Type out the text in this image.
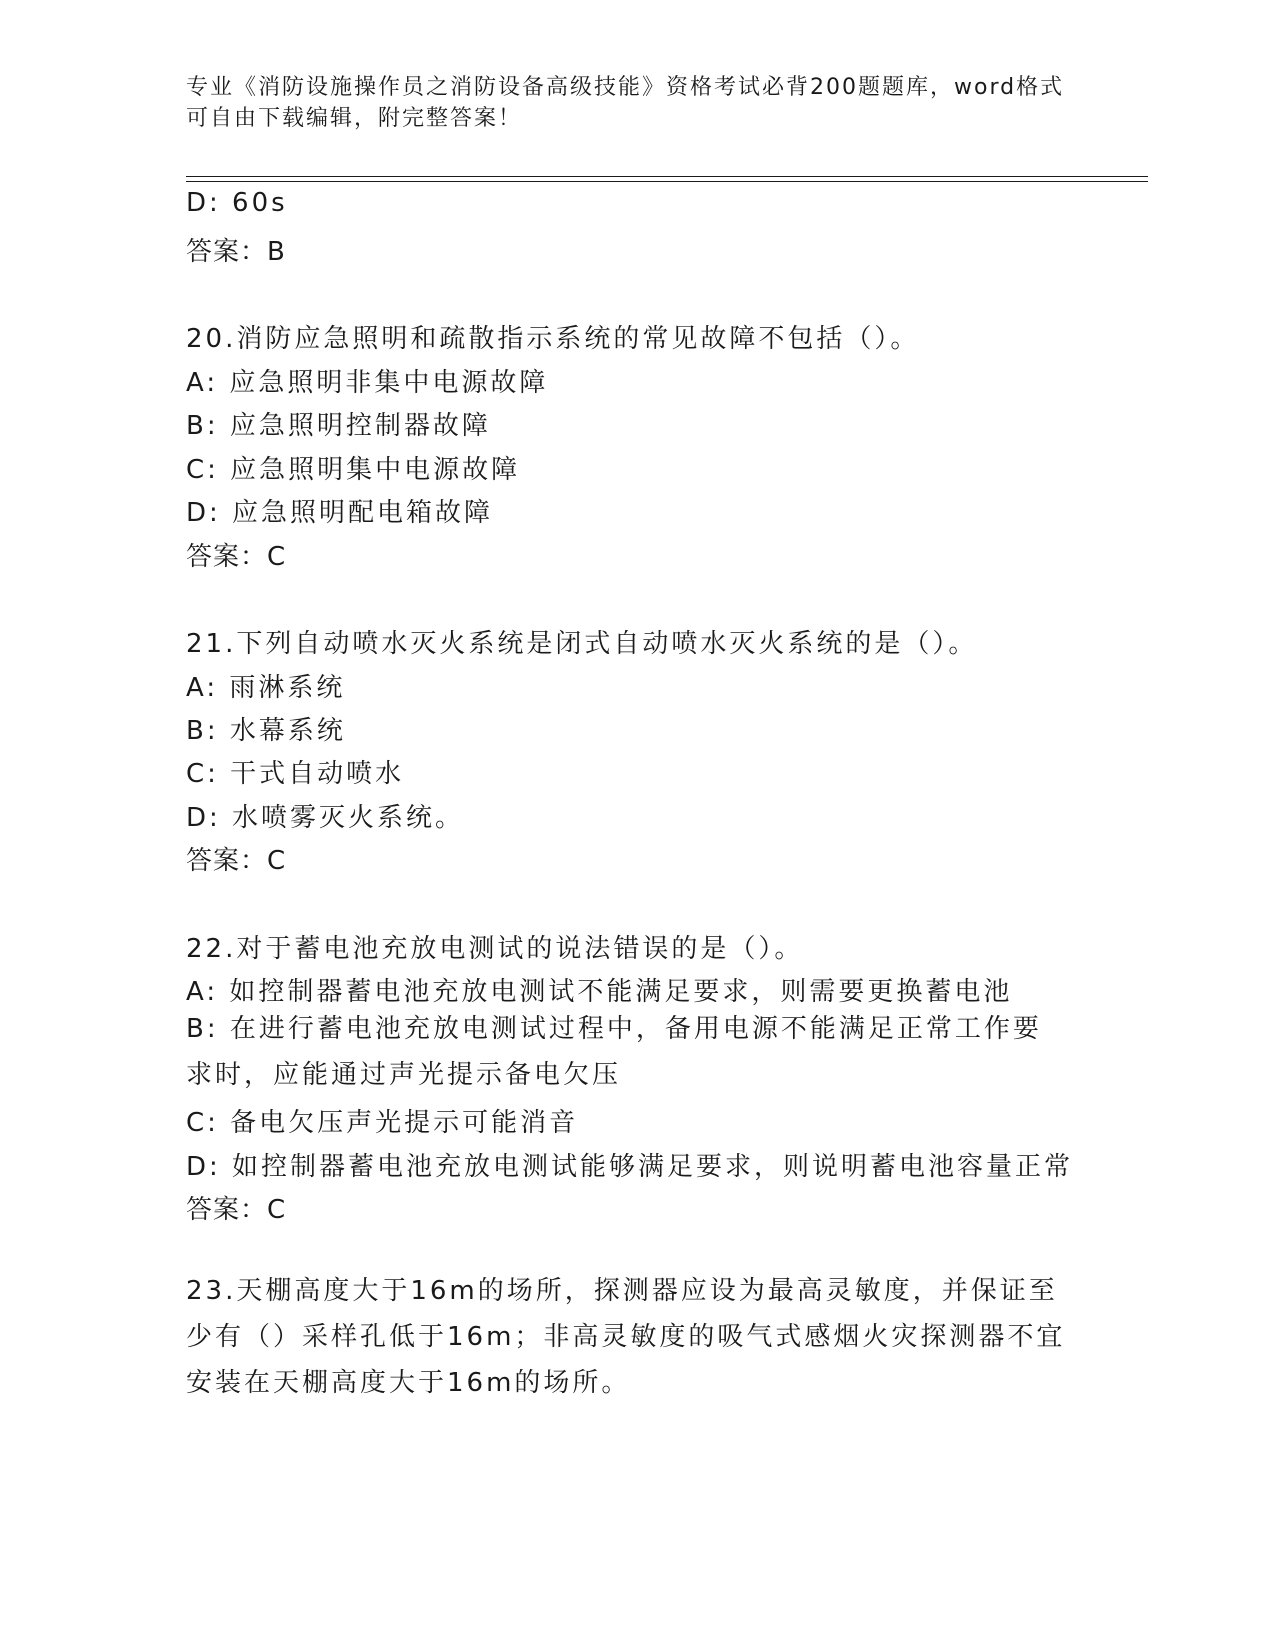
专业《消防设施操作员之消防设备高级技能》资格考试必背200题题库，word格式可自由下载编辑，附完整答案！
D: 60s
答案：B
20.消防应急照明和疏散指示系统的常见故障不包括（）。
A: 应急照明非集中电源故障
B: 应急照明控制器故障
C: 应急照明集中电源故障
D: 应急照明配电箱故障
答案：C
21.下列自动喷水灭火系统是闭式自动喷水灭火系统的是（）。
A: 雨淋系统
B: 水幕系统
C: 干式自动喷水
D: 水喷雾灭火系统。
答案：C
22.对于蓄电池充放电测试的说法错误的是（）。
A: 如控制器蓄电池充放电测试不能满足要求，则需要更换蓄电池
B: 在进行蓄电池充放电测试过程中，备用电源不能满足正常工作要求时，应能通过声光提示备电欠压
C: 备电欠压声光提示可能消音
D: 如控制器蓄电池充放电测试能够满足要求，则说明蓄电池容量正常
答案：C
23.天棚高度大于16m的场所，探测器应设为最高灵敏度，并保证至少有（）采样孔低于16m；非高灵敏度的吸气式感烟火灾探测器不宜安装在天棚高度大于16m的场所。
